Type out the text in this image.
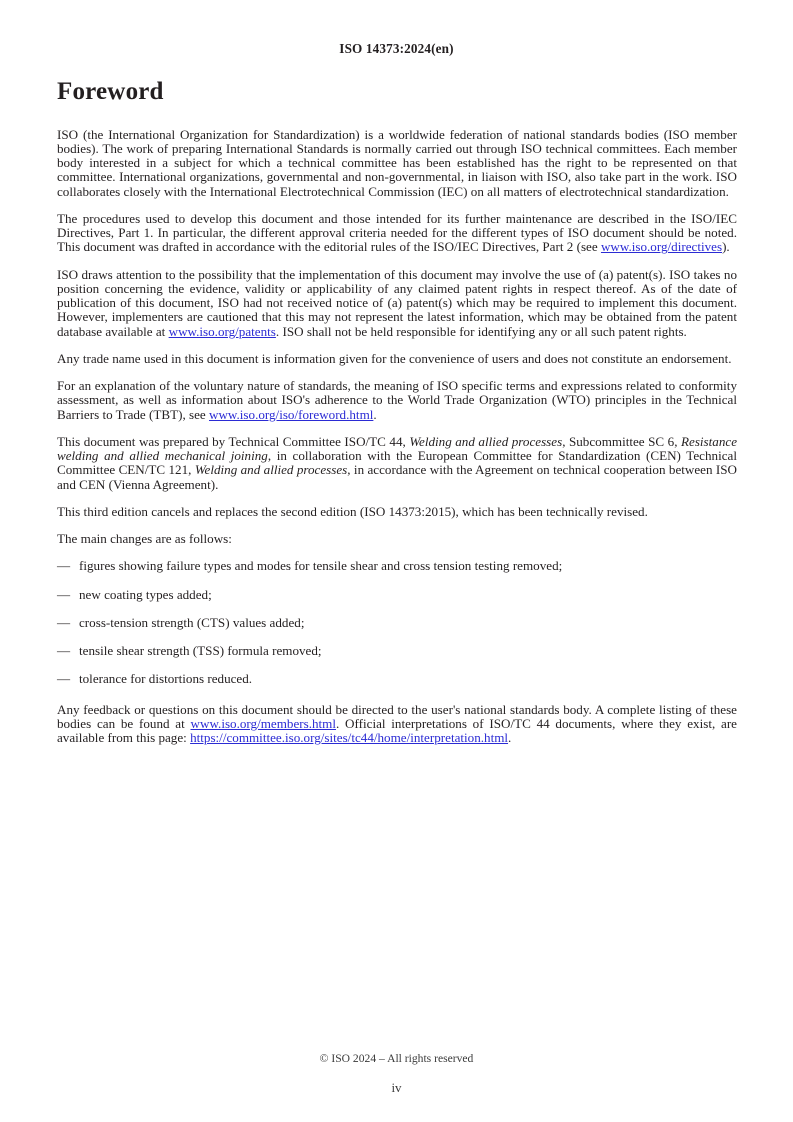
ISO 14373:2024(en)
Foreword

ISO (the International Organization for Standardization) is a worldwide federation of national standards bodies (ISO member bodies). The work of preparing International Standards is normally carried out through ISO technical committees. Each member body interested in a subject for which a technical committee has been established has the right to be represented on that committee. International organizations, governmental and non-governmental, in liaison with ISO, also take part in the work. ISO collaborates closely with the International Electrotechnical Commission (IEC) on all matters of electrotechnical standardization.

The procedures used to develop this document and those intended for its further maintenance are described in the ISO/IEC Directives, Part 1. In particular, the different approval criteria needed for the different types of ISO document should be noted. This document was drafted in accordance with the editorial rules of the ISO/IEC Directives, Part 2 (see www.iso.org/directives).

ISO draws attention to the possibility that the implementation of this document may involve the use of (a) patent(s). ISO takes no position concerning the evidence, validity or applicability of any claimed patent rights in respect thereof. As of the date of publication of this document, ISO had not received notice of (a) patent(s) which may be required to implement this document. However, implementers are cautioned that this may not represent the latest information, which may be obtained from the patent database available at www.iso.org/patents. ISO shall not be held responsible for identifying any or all such patent rights.

Any trade name used in this document is information given for the convenience of users and does not constitute an endorsement.

For an explanation of the voluntary nature of standards, the meaning of ISO specific terms and expressions related to conformity assessment, as well as information about ISO's adherence to the World Trade Organization (WTO) principles in the Technical Barriers to Trade (TBT), see www.iso.org/iso/foreword.html.

This document was prepared by Technical Committee ISO/TC 44, Welding and allied processes, Subcommittee SC 6, Resistance welding and allied mechanical joining, in collaboration with the European Committee for Standardization (CEN) Technical Committee CEN/TC 121, Welding and allied processes, in accordance with the Agreement on technical cooperation between ISO and CEN (Vienna Agreement).

This third edition cancels and replaces the second edition (ISO 14373:2015), which has been technically revised.

The main changes are as follows:

— figures showing failure types and modes for tensile shear and cross tension testing removed;
— new coating types added;
— cross-tension strength (CTS) values added;
— tensile shear strength (TSS) formula removed;
— tolerance for distortions reduced.

Any feedback or questions on this document should be directed to the user's national standards body. A complete listing of these bodies can be found at www.iso.org/members.html. Official interpretations of ISO/TC 44 documents, where they exist, are available from this page: https://committee.iso.org/sites/tc44/home/interpretation.html.

© ISO 2024 – All rights reserved
iv
